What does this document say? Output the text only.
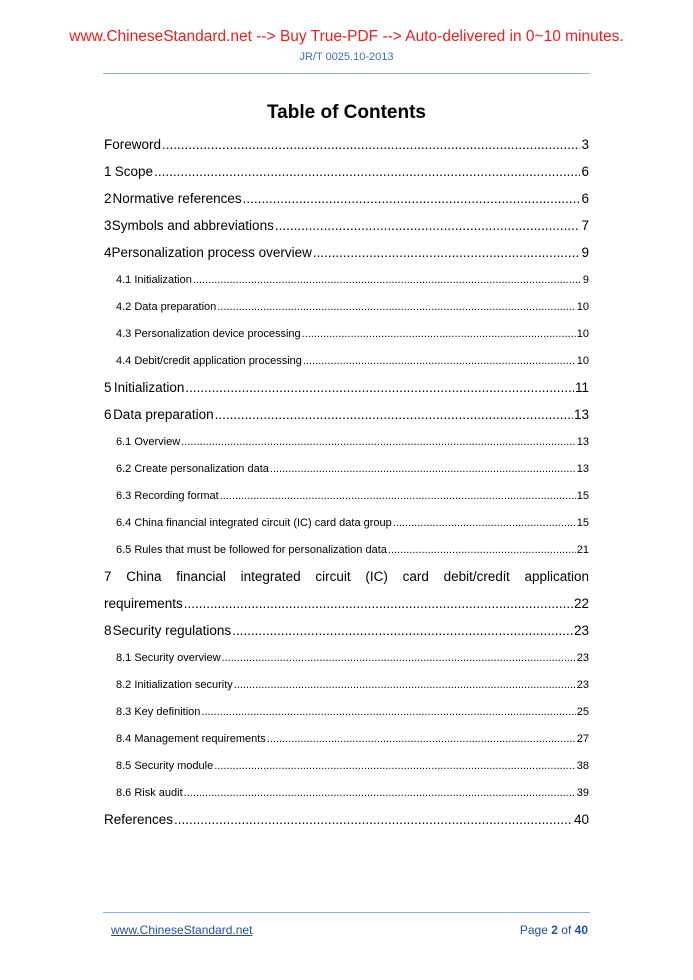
www.ChineseStandard.net --> Buy True-PDF --> Auto-delivered in 0~10 minutes.
JR/T 0025.10-2013
Table of Contents
Foreword .....	3
1 Scope .....	6
2 Normative references .....	6
3 Symbols and abbreviations .....	7
4 Personalization process overview .....	9
4.1 Initialization .....	9
4.2 Data preparation .....	10
4.3 Personalization device processing .....	10
4.4 Debit/credit application processing .....	10
5 Initialization .....	11
6 Data preparation .....	13
6.1 Overview .....	13
6.2 Create personalization data .....	13
6.3 Recording format .....	15
6.4 China financial integrated circuit (IC) card data group .....	15
6.5 Rules that must be followed for personalization data .....	21
7 China financial integrated circuit (IC) card debit/credit application
requirements .....	22
8 Security regulations .....	23
8.1 Security overview .....	23
8.2 Initialization security .....	23
8.3 Key definition .....	25
8.4 Management requirements .....	27
8.5 Security module .....	38
8.6 Risk audit .....	39
References .....	40
www.ChineseStandard.net	Page 2 of 40
